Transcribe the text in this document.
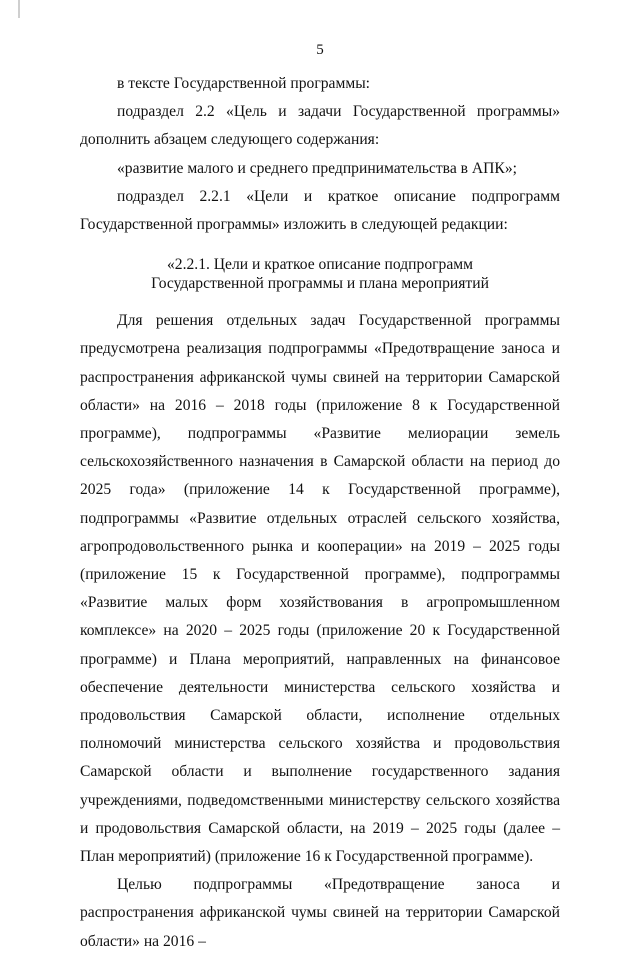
5

в тексте Государственной программы:

подраздел 2.2 «Цель и задачи Государственной программы» дополнить абзацем следующего содержания:

«развитие малого и среднего предпринимательства в АПК»;

подраздел 2.2.1 «Цели и краткое описание подпрограмм Государственной программы» изложить в следующей редакции:

«2.2.1. Цели и краткое описание подпрограмм
Государственной программы и плана мероприятий

Для решения отдельных задач Государственной программы предусмотрена реализация подпрограммы «Предотвращение заноса и распространения африканской чумы свиней на территории Самарской области» на 2016 – 2018 годы (приложение 8 к Государственной программе), подпрограммы «Развитие мелиорации земель сельскохозяйственного назначения в Самарской области на период до 2025 года» (приложение 14 к Государственной программе), подпрограммы «Развитие отдельных отраслей сельского хозяйства, агропродовольственного рынка и кооперации» на 2019 – 2025 годы (приложение 15 к Государственной программе), подпрограммы «Развитие малых форм хозяйствования в агропромышленном комплексе» на 2020 – 2025 годы (приложение 20 к Государственной программе) и Плана мероприятий, направленных на финансовое обеспечение деятельности министерства сельского хозяйства и продовольствия Самарской области, исполнение отдельных полномочий министерства сельского хозяйства и продовольствия Самарской области и выполнение государственного задания учреждениями, подведомственными министерству сельского хозяйства и продовольствия Самарской области, на 2019 – 2025 годы (далее – План мероприятий) (приложение 16 к Государственной программе).

Целью подпрограммы «Предотвращение заноса и распространения африканской чумы свиней на территории Самарской области» на 2016 –
